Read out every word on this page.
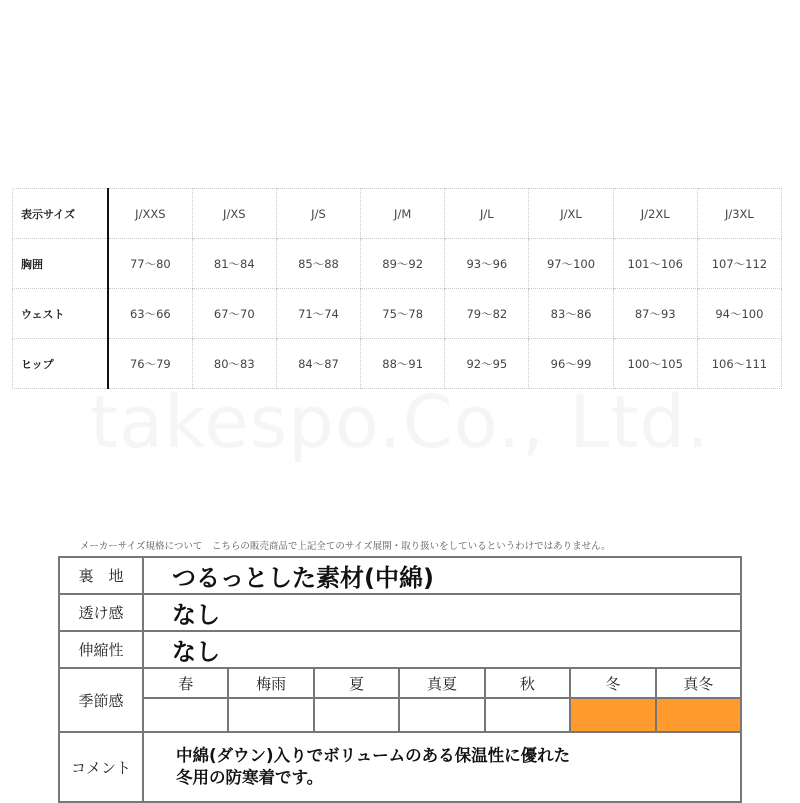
takespo.Co., Ltd.
表示サイズ	J/XXS	J/XS	J/S	J/M	J/L	J/XL	J/2XL	J/3XL
胸囲	77〜80	81〜84	85〜88	89〜92	93〜96	97〜100	101〜106	107〜112
ウェスト	63〜66	67〜70	71〜74	75〜78	79〜82	83〜86	87〜93	94〜100
ヒップ	76〜79	80〜83	84〜87	88〜91	92〜95	96〜99	100〜105	106〜111
メーカーサイズ規格について　こちらの販売商品で上記全てのサイズ展開・取り扱いをしているというわけではありません。
裏　地	つるっとした素材(中綿)						
透け感	なし						
伸縮性	なし						
季節感	春	梅雨	夏	真夏	秋	冬	真冬

コメント	中綿(ダウン)入りでボリュームのある保温性に優れた
冬用の防寒着です。						
